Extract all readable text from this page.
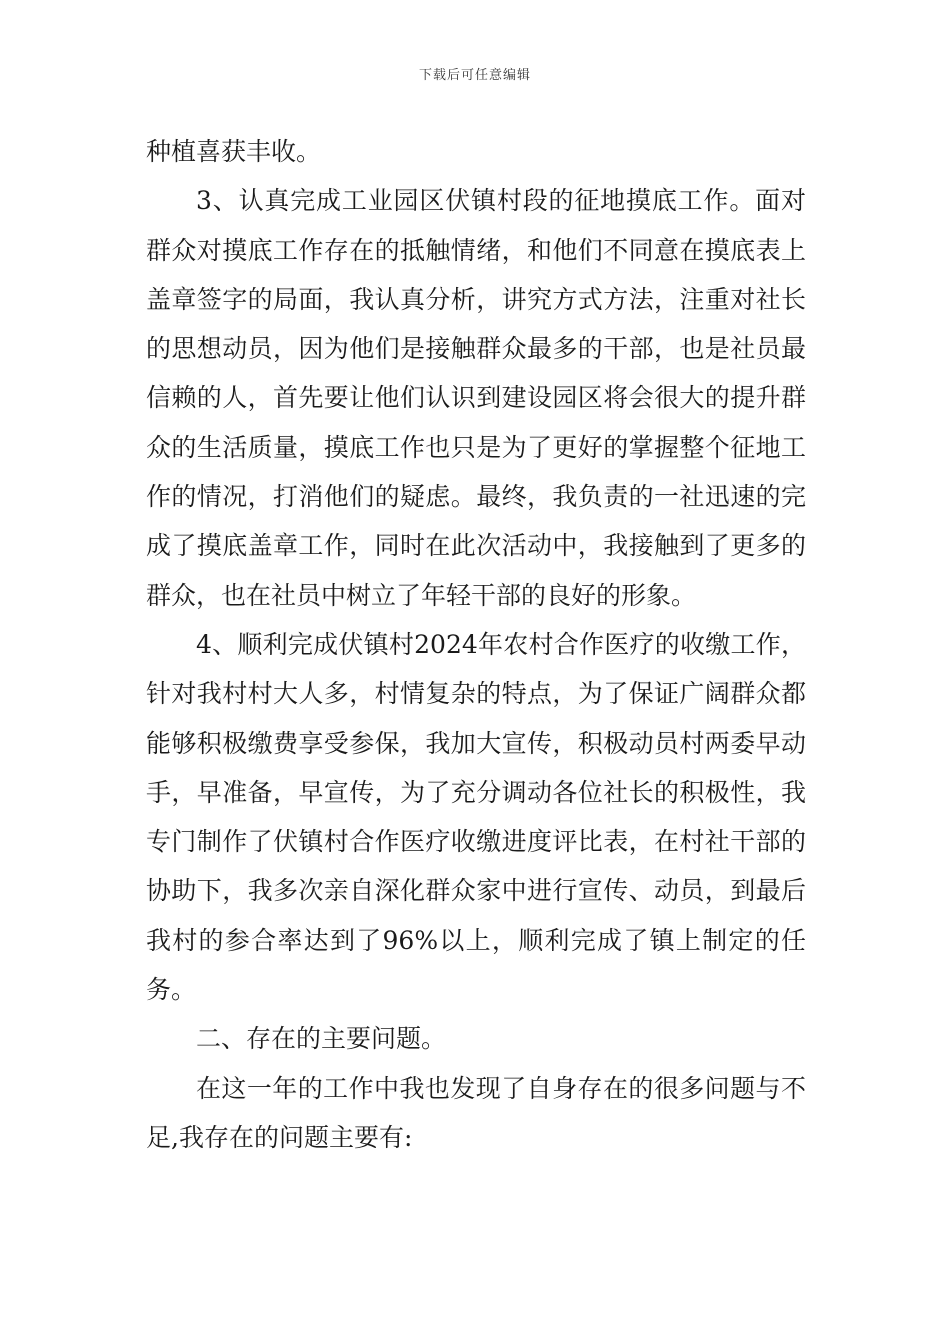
下载后可任意编辑

种植喜获丰收。

3、认真完成工业园区伏镇村段的征地摸底工作。面对群众对摸底工作存在的抵触情绪，和他们不同意在摸底表上盖章签字的局面，我认真分析，讲究方式方法，注重对社长的思想动员，因为他们是接触群众最多的干部，也是社员最信赖的人，首先要让他们认识到建设园区将会很大的提升群众的生活质量，摸底工作也只是为了更好的掌握整个征地工作的情况，打消他们的疑虑。最终，我负责的一社迅速的完成了摸底盖章工作，同时在此次活动中，我接触到了更多的群众，也在社员中树立了年轻干部的良好的形象。

4、顺利完成伏镇村2024年农村合作医疗的收缴工作，针对我村村大人多，村情复杂的特点，为了保证广阔群众都能够积极缴费享受参保，我加大宣传，积极动员村两委早动手，早准备，早宣传，为了充分调动各位社长的积极性，我专门制作了伏镇村合作医疗收缴进度评比表，在村社干部的协助下，我多次亲自深化群众家中进行宣传、动员，到最后我村的参合率达到了96%以上，顺利完成了镇上制定的任务。

二、存在的主要问题。

在这一年的工作中我也发现了自身存在的很多问题与不足,我存在的问题主要有:
